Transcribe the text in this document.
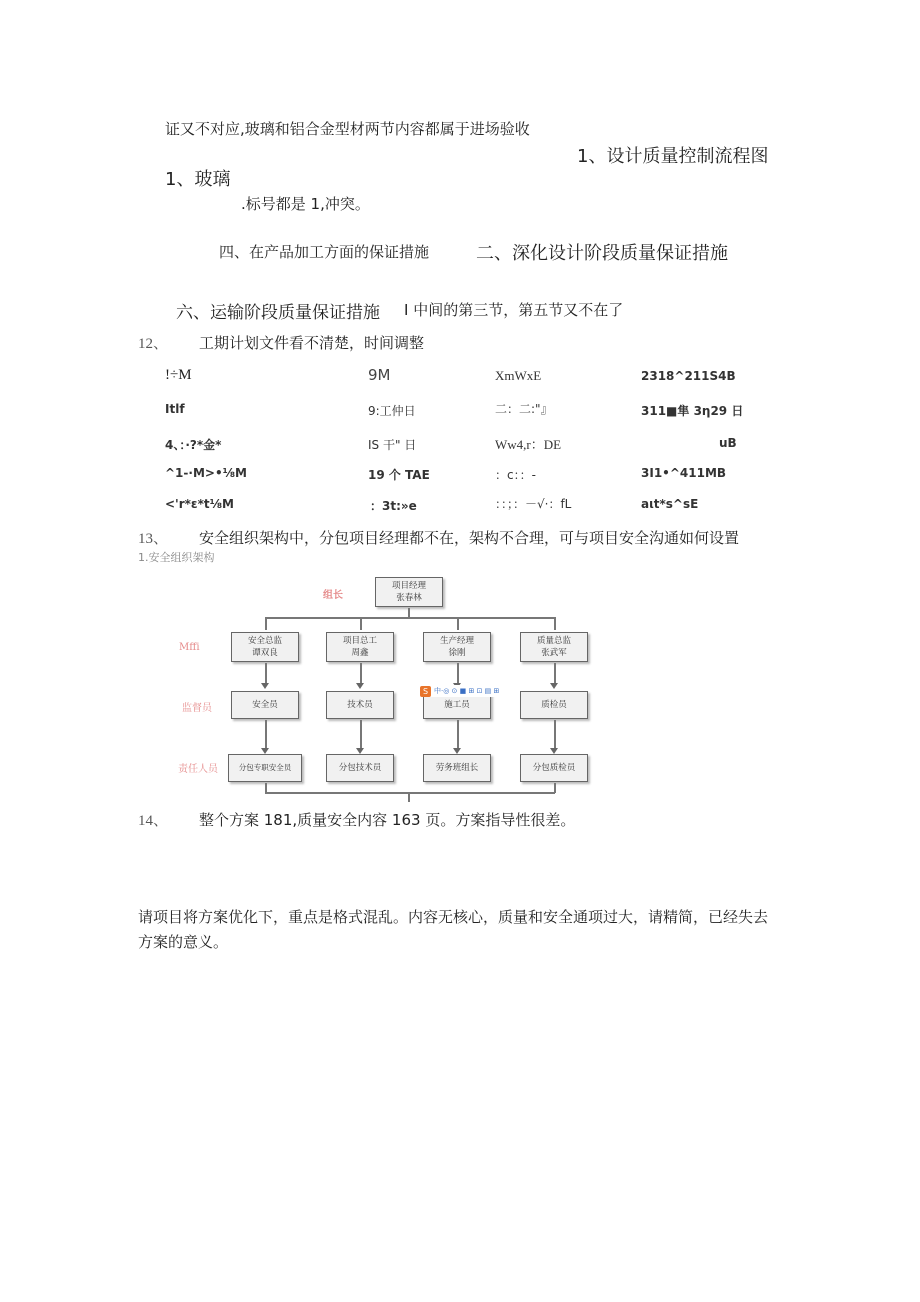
证又不对应,玻璃和铝合金型材两节内容都属于进场验收
1、设计质量控制流程图
1、玻璃
.标号都是 1,冲突。
四、在产品加工方面的保证措施	二、深化设计阶段质量保证措施
六、运输阶段质量保证措施 I 中间的第三节，第五节又不在了
12、 工期计划文件看不清楚，时间调整
!÷M	9M	XmWxE	2318^211S4B
Itlf	9:工仲日	二：二:"』	311■隼 3η29 日
4、：·?*金*	IS 干" 日	Ww4,r：DE	uB
^1-·M>•⅛M	19 个 TAE	：c：：-	3I1•^411MB
<'r*ε*t⅛M	：3t:»e	：：；：－√·：fL	aιt*s^sE
13、 安全组织架构中，分包项目经理都不在，架构不合理，可与项目安全沟通如何设置
1.安全组织架构
组长
Mffi
监督员
责任人员
项目经理
张春林
安全总监
谭双良
项目总工
周鑫
生产经理
徐刚
质量总监
张武军
安全员	技术员	施工员	质检员
S 中·◎ ⊙ ■ ⊞ ⊡ ▤ ⊞
分包专职安全员	分包技术员	劳务班组长	分包质检员
14、 整个方案 181,质量安全内容 163 页。方案指导性很差。
请项目将方案优化下，重点是格式混乱。内容无核心，质量和安全通项过大，请精简，已经失去方案的意义。
